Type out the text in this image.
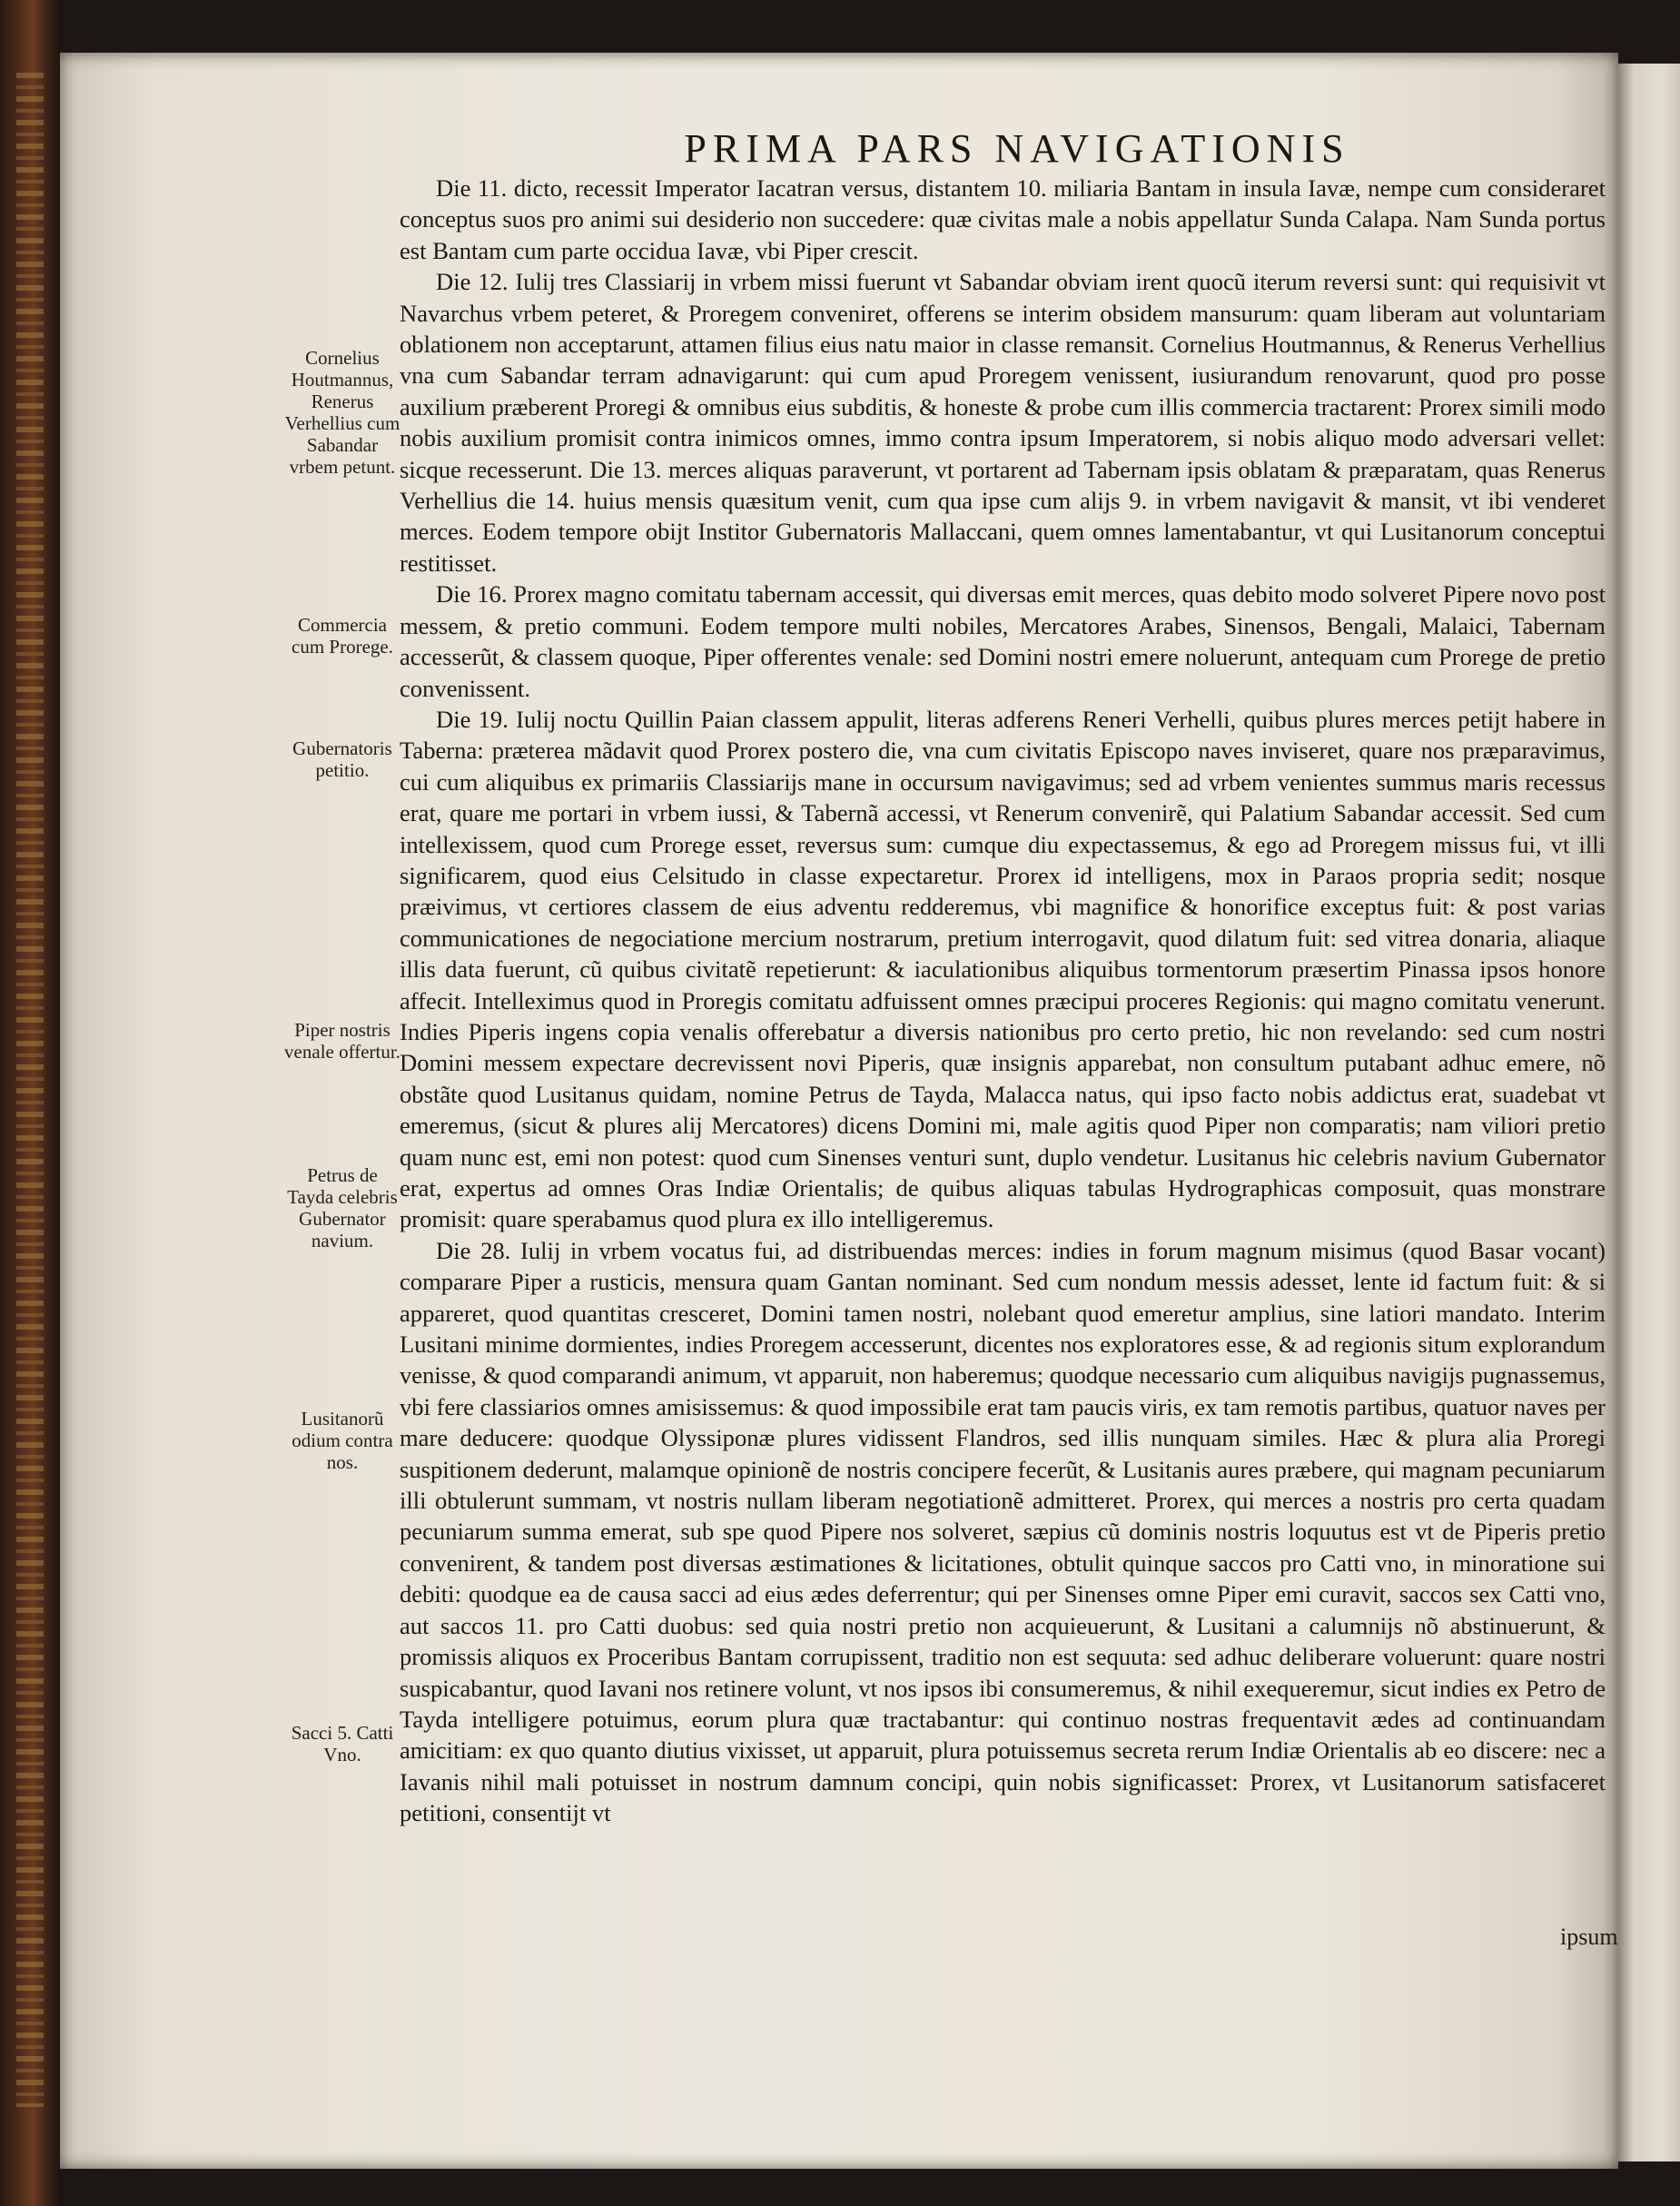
PRIMA PARS NAVIGATIONIS
Cornelius Houtmannus, Renerus Verhellius cum Sabandar vrbem petunt.
Commercia cum Prorege.
Gubernatoris petitio.
Piper nostris venale offertur.
Petrus de Tayda celebris Gubernator navium.
Lusitanorũ odium contra nos.
Sacci 5. Catti Vno.

Die 11. dicto, recessit Imperator Iacatran versus, distantem 10. miliaria Bantam in insula Iavæ, nempe cum consideraret conceptus suos pro animi sui desiderio non succedere: quæ civitas male a nobis appellatur Sunda Calapa. Nam Sunda portus est Bantam cum parte occidua Iavæ, vbi Piper crescit.

Die 12. Iulij tres Classiarij in vrbem missi fuerunt vt Sabandar obviam irent quocũ iterum reversi sunt: qui requisivit vt Navarchus vrbem peteret, & Proregem conveniret, offerens se interim obsidem mansurum: quam liberam aut voluntariam oblationem non acceptarunt, attamen filius eius natu maior in classe remansit. Cornelius Houtmannus, & Renerus Verhellius vna cum Sabandar terram adnavigarunt: qui cum apud Proregem venissent, iusiurandum renovarunt, quod pro posse auxilium præberent Proregi & omnibus eius subditis, & honeste & probe cum illis commercia tractarent: Prorex simili modo nobis auxilium promisit contra inimicos omnes, immo contra ipsum Imperatorem, si nobis aliquo modo adversari vellet: sicque recesserunt. Die 13. merces aliquas paraverunt, vt portarent ad Tabernam ipsis oblatam & præparatam, quas Renerus Verhellius die 14. huius mensis quæsitum venit, cum qua ipse cum alijs 9. in vrbem navigavit & mansit, vt ibi venderet merces. Eodem tempore obijt Institor Gubernatoris Mallaccani, quem omnes lamentabantur, vt qui Lusitanorum conceptui restitisset.

Die 16. Prorex magno comitatu tabernam accessit, qui diversas emit merces, quas debito modo solveret Pipere novo post messem, & pretio communi. Eodem tempore multi nobiles, Mercatores Arabes, Sinensos, Bengali, Malaici, Tabernam accesserũt, & classem quoque, Piper offerentes venale: sed Domini nostri emere noluerunt, antequam cum Prorege de pretio convenissent.

Die 19. Iulij noctu Quillin Paian classem appulit, literas adferens Reneri Verhelli, quibus plures merces petijt habere in Taberna: præterea mãdavit quod Prorex postero die, vna cum civitatis Episcopo naves inviseret, quare nos præparavimus, cui cum aliquibus ex primariis Classiarijs mane in occursum navigavimus; sed ad vrbem venientes summus maris recessus erat, quare me portari in vrbem iussi, & Tabernã accessi, vt Renerum convenirẽ, qui Palatium Sabandar accessit. Sed cum intellexissem, quod cum Prorege esset, reversus sum: cumque diu expectassemus, & ego ad Proregem missus fui, vt illi significarem, quod eius Celsitudo in classe expectaretur. Prorex id intelligens, mox in Paraos propria sedit; nosque præivimus, vt certiores classem de eius adventu redderemus, vbi magnifice & honorifice exceptus fuit: & post varias communicationes de negociatione mercium nostrarum, pretium interrogavit, quod dilatum fuit: sed vitrea donaria, aliaque illis data fuerunt, cũ quibus civitatẽ repetierunt: & iaculationibus aliquibus tormentorum præsertim Pinassa ipsos honore affecit. Intelleximus quod in Proregis comitatu adfuissent omnes præcipui proceres Regionis: qui magno comitatu venerunt. Indies Piperis ingens copia venalis offerebatur a diversis nationibus pro certo pretio, hic non revelando: sed cum nostri Domini messem expectare decrevissent novi Piperis, quæ insignis apparebat, non consultum putabant adhuc emere, nõ obstãte quod Lusitanus quidam, nomine Petrus de Tayda, Malacca natus, qui ipso facto nobis addictus erat, suadebat vt emeremus, (sicut & plures alij Mercatores) dicens Domini mi, male agitis quod Piper non comparatis; nam viliori pretio quam nunc est, emi non potest: quod cum Sinenses venturi sunt, duplo vendetur. Lusitanus hic celebris navium Gubernator erat, expertus ad omnes Oras Indiæ Orientalis; de quibus aliquas tabulas Hydrographicas composuit, quas monstrare promisit: quare sperabamus quod plura ex illo intelligeremus.

Die 28. Iulij in vrbem vocatus fui, ad distribuendas merces: indies in forum magnum misimus (quod Basar vocant) comparare Piper a rusticis, mensura quam Gantan nominant. Sed cum nondum messis adesset, lente id factum fuit: & si appareret, quod quantitas cresceret, Domini tamen nostri, nolebant quod emeretur amplius, sine latiori mandato. Interim Lusitani minime dormientes, indies Proregem accesserunt, dicentes nos exploratores esse, & ad regionis situm explorandum venisse, & quod comparandi animum, vt apparuit, non haberemus; quodque necessario cum aliquibus navigijs pugnassemus, vbi fere classiarios omnes amisissemus: & quod impossibile erat tam paucis viris, ex tam remotis partibus, quatuor naves per mare deducere: quodque Olyssiponæ plures vidissent Flandros, sed illis nunquam similes. Hæc & plura alia Proregi suspitionem dederunt, malamque opinionẽ de nostris concipere fecerũt, & Lusitanis aures præbere, qui magnam pecuniarum illi obtulerunt summam, vt nostris nullam liberam negotiationẽ admitteret. Prorex, qui merces a nostris pro certa quadam pecuniarum summa emerat, sub spe quod Pipere nos solveret, sæpius cũ dominis nostris loquutus est vt de Piperis pretio convenirent, & tandem post diversas æstimationes & licitationes, obtulit quinque saccos pro Catti vno, in minoratione sui debiti: quodque ea de causa sacci ad eius ædes deferrentur; qui per Sinenses omne Piper emi curavit, saccos sex Catti vno, aut saccos 11. pro Catti duobus: sed quia nostri pretio non acquieuerunt, & Lusitani a calumnijs nõ abstinuerunt, & promissis aliquos ex Proceribus Bantam corrupissent, traditio non est sequuta: sed adhuc deliberare voluerunt: quare nostri suspicabantur, quod Iavani nos retinere volunt, vt nos ipsos ibi consumeremus, & nihil exequeremur, sicut indies ex Petro de Tayda intelligere potuimus, eorum plura quæ tractabantur: qui continuo nostras frequentavit ædes ad continuandam amicitiam: ex quo quanto diutius vixisset, ut apparuit, plura potuissemus secreta rerum Indiæ Orientalis ab eo discere: nec a Iavanis nihil mali potuisset in nostrum damnum concipi, quin nobis significasset: Prorex, vt Lusitanorum satisfaceret petitioni, consentijt vt

ipsum
